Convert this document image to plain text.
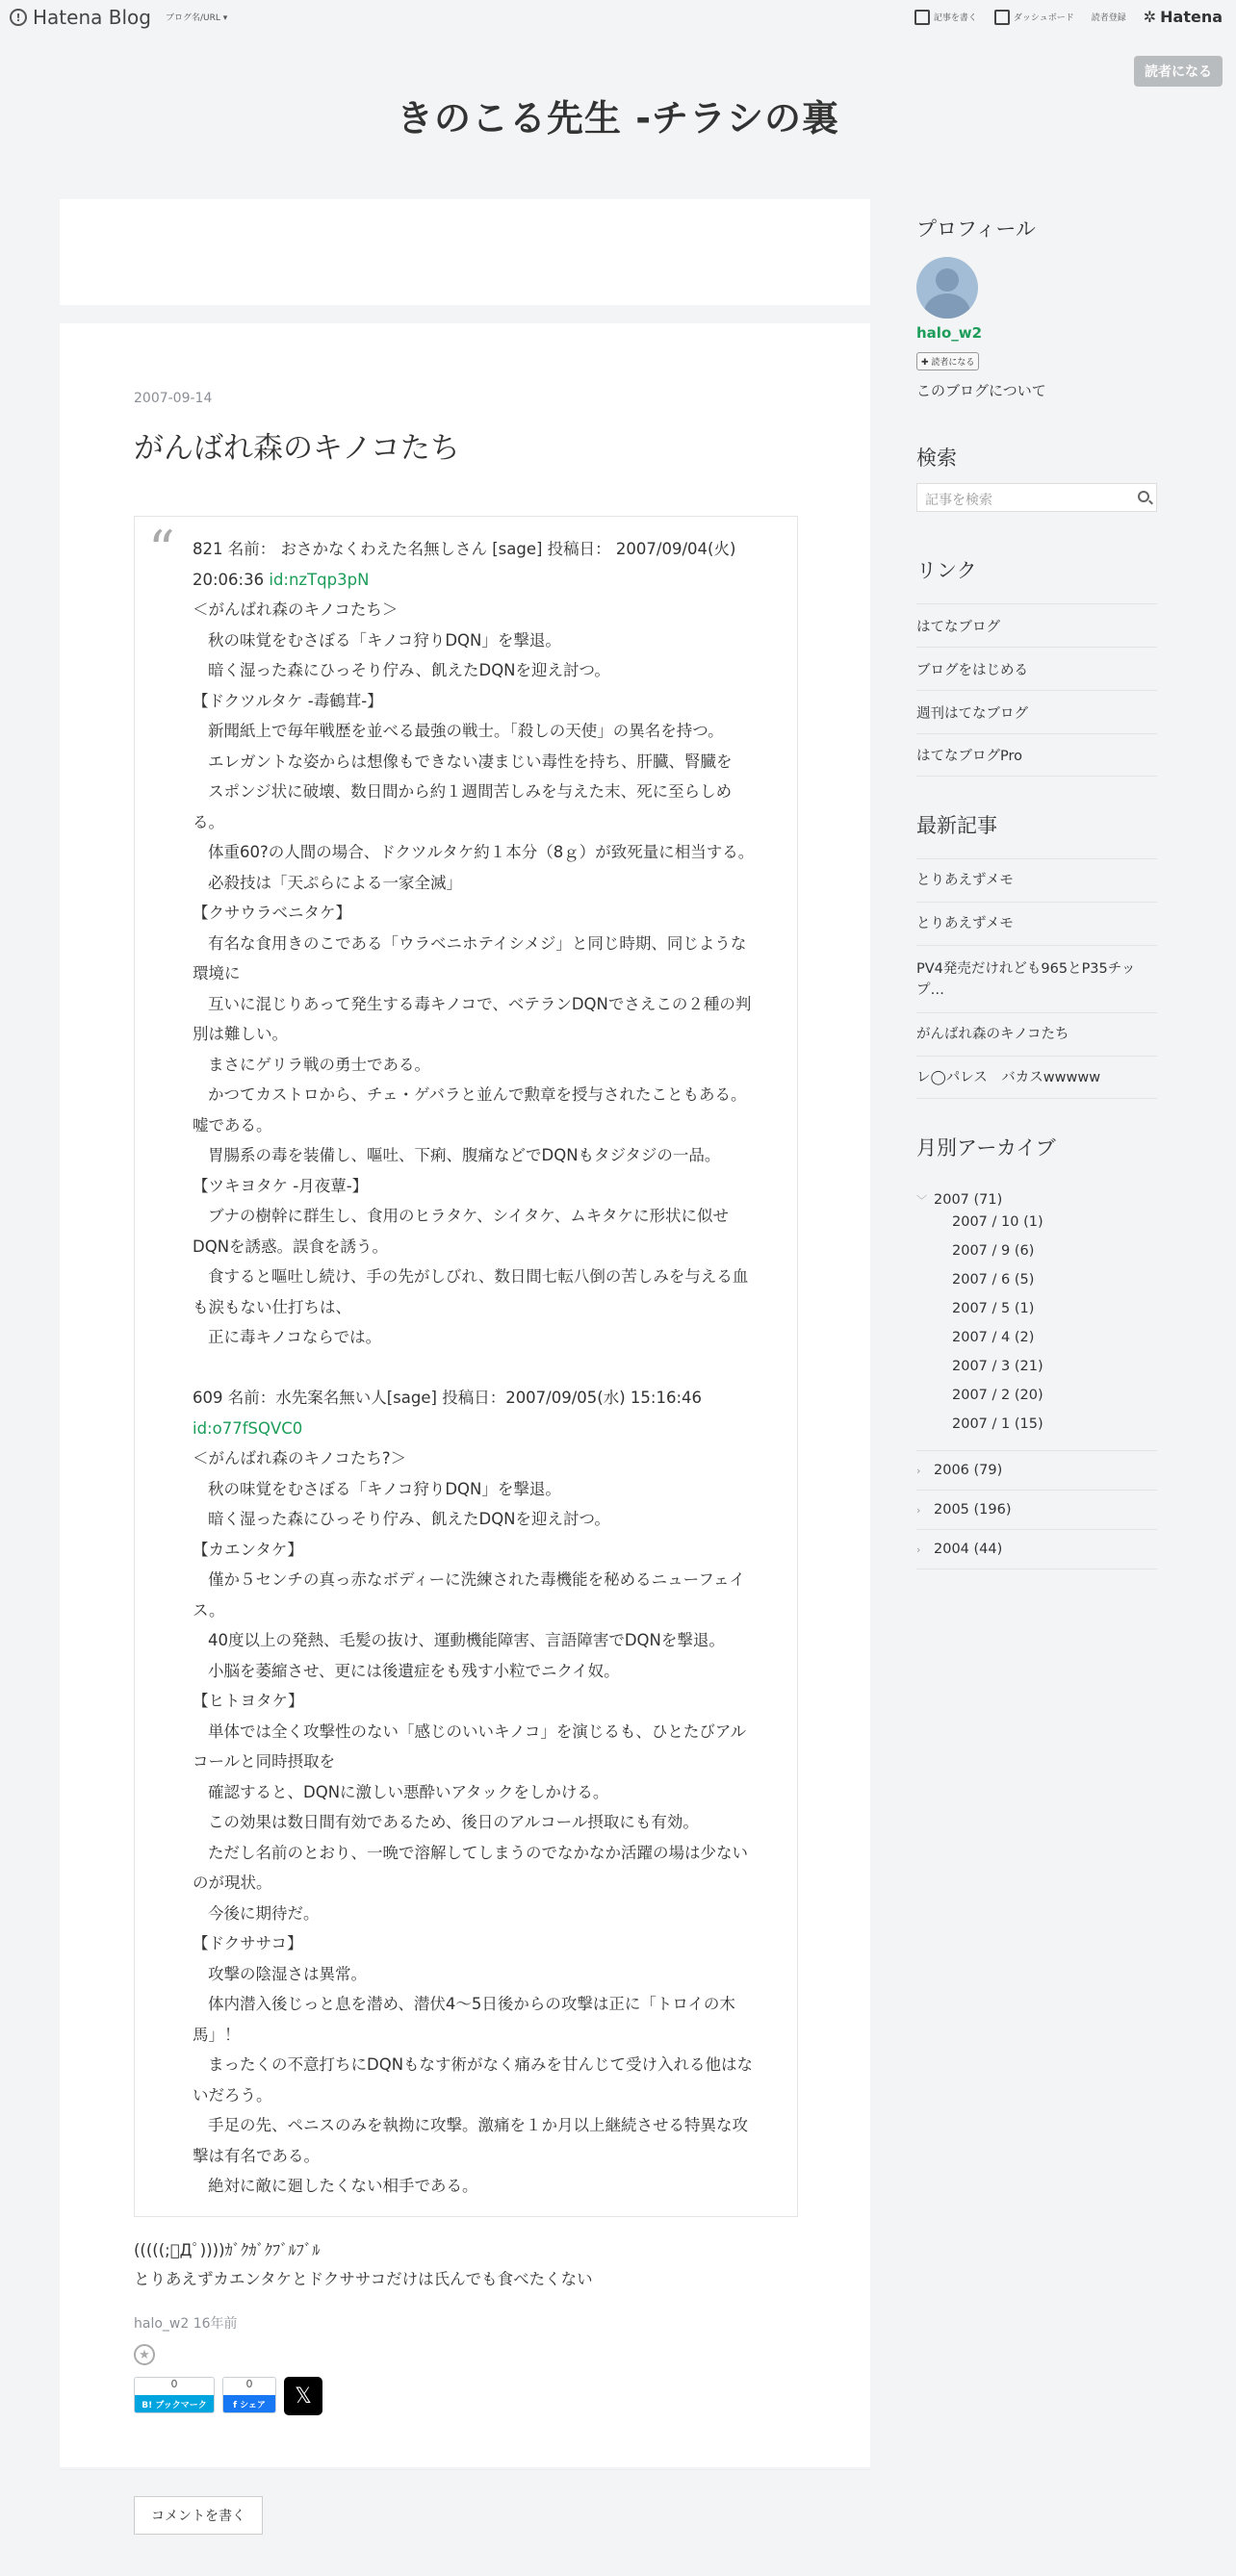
! Hatena Blog ブログ名/URL ▾	記事を書く	ダッシュボード 読者登録 ✲ Hatena
読者になる
きのこる先生 -チラシの裏
2007-09-14
がんばれ森のキノコたち
“ 821 名前： おさかなくわえた名無しさん [sage] 投稿日： 2007/09/04(火)
20:06:36 id:nzTqp3pN
＜がんばれ森のキノコたち＞
秋の味覚をむさぼる「キノコ狩りDQN」を撃退。
暗く湿った森にひっそり佇み、飢えたDQNを迎え討つ。
【ドクツルタケ -毒鶴茸-】
新聞紙上で毎年戦歴を並べる最強の戦士。「殺しの天使」の異名を持つ。
エレガントな姿からは想像もできない凄まじい毒性を持ち、肝臓、腎臓を
スポンジ状に破壊、数日間から約１週間苦しみを与えた末、死に至らしめ
る。
体重60?の人間の場合、ドクツルタケ約１本分（8ｇ）が致死量に相当する。
必殺技は「天ぷらによる一家全滅」
【クサウラベニタケ】
有名な食用きのこである「ウラベニホテイシメジ」と同じ時期、同じような
環境に
互いに混じりあって発生する毒キノコで、ベテランDQNでさえこの２種の判
別は難しい。
まさにゲリラ戦の勇士である。
かつてカストロから、チェ・ゲバラと並んで勲章を授与されたこともある。
嘘である。
胃腸系の毒を装備し、嘔吐、下痢、腹痛などでDQNもタジタジの一品。
【ツキヨタケ -月夜蕈-】
ブナの樹幹に群生し、食用のヒラタケ、シイタケ、ムキタケに形状に似せ
DQNを誘惑。誤食を誘う。
食すると嘔吐し続け、手の先がしびれ、数日間七転八倒の苦しみを与える血
も涙もない仕打ちは、
正に毒キノコならでは。
609 名前：水先案名無い人[sage] 投稿日：2007/09/05(水) 15:16:46
id:o77fSQVC0
＜がんばれ森のキノコたち?＞
秋の味覚をむさぼる「キノコ狩りDQN」を撃退。
暗く湿った森にひっそり佇み、飢えたDQNを迎え討つ。
【カエンタケ】
僅か５センチの真っ赤なボディーに洗練された毒機能を秘めるニューフェイ
ス。
40度以上の発熱、毛髪の抜け、運動機能障害、言語障害でDQNを撃退。
小脳を萎縮させ、更には後遺症をも残す小粒でニクイ奴。
【ヒトヨタケ】
単体では全く攻撃性のない「感じのいいキノコ」を演じるも、ひとたびアル
コールと同時摂取を
確認すると、DQNに激しい悪酔いアタックをしかける。
この効果は数日間有効であるため、後日のアルコール摂取にも有効。
ただし名前のとおり、一晩で溶解してしまうのでなかなか活躍の場は少ない
のが現状。
今後に期待だ。
【ドクササコ】
攻撃の陰湿さは異常。
体内潜入後じっと息を潜め、潜伏4～5日後からの攻撃は正に「トロイの木
馬」！
まったくの不意打ちにDQNもなす術がなく痛みを甘んじて受け入れる他はな
いだろう。
手足の先、ペニスのみを執拗に攻撃。激痛を１か月以上継続させる特異な攻
撃は有名である。
絶対に敵に廻したくない相手である。
(((((;ﾟДﾟ))))ｶﾞｸｶﾞｸﾌﾞﾙﾌﾞﾙ
とりあえずカエンタケとドクササコだけは氏んでも食べたくない
halo_w2 16年前
★
0
B! ブックマーク
0
f シェア	𝕏
コメントを書く
プロフィール
halo_w2
✚ 読者になる
このブログについて
検索
記事を検索
リンク
はてなブログ
ブログをはじめる
週刊はてなブログ
はてなブログPro
最新記事
とりあえずメモ
とりあえずメモ
PV4発売だけれども965とP35チップ…
がんばれ森のキノコたち
レ◯パレス　バカスwwwww
月別アーカイブ
﹀ 2007 (71)
2007 / 10 (1)
2007 / 9 (6)
2007 / 6 (5)
2007 / 5 (1)
2007 / 4 (2)
2007 / 3 (21)
2007 / 2 (20)
2007 / 1 (15)
› 2006 (79)
› 2005 (196)
› 2004 (44)
